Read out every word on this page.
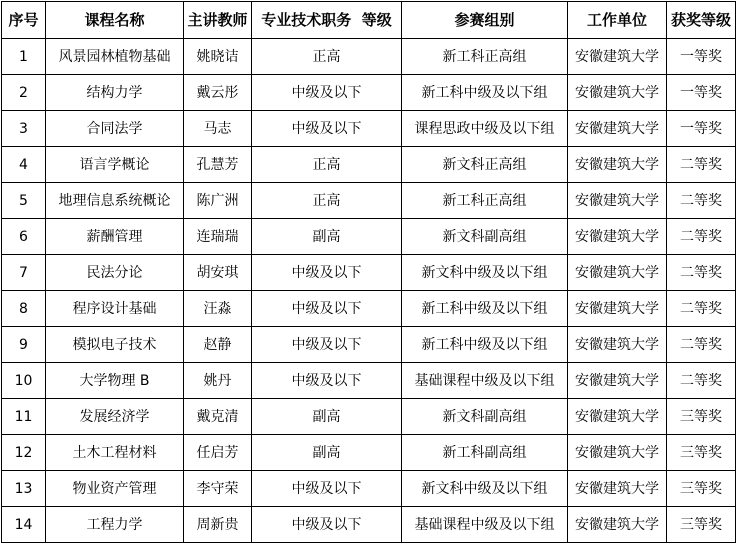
序号	课程名称	主讲教师	专业技术职务  等级	参赛组别	工作单位	获奖等级
1	风景园林植物基础	姚晓诘	正高	新工科正高组	安徽建筑大学	一等奖
2	结构力学	戴云彤	中级及以下	新工科中级及以下组	安徽建筑大学	一等奖
3	合同法学	马志	中级及以下	课程思政中级及以下组	安徽建筑大学	一等奖
4	语言学概论	孔慧芳	正高	新文科正高组	安徽建筑大学	二等奖
5	地理信息系统概论	陈广洲	正高	新工科正高组	安徽建筑大学	二等奖
6	薪酬管理	连瑞瑞	副高	新文科副高组	安徽建筑大学	二等奖
7	民法分论	胡安琪	中级及以下	新文科中级及以下组	安徽建筑大学	二等奖
8	程序设计基础	汪淼	中级及以下	新工科中级及以下组	安徽建筑大学	二等奖
9	模拟电子技术	赵静	中级及以下	新工科中级及以下组	安徽建筑大学	二等奖
10	大学物理 B	姚丹	中级及以下	基础课程中级及以下组	安徽建筑大学	二等奖
11	发展经济学	戴克清	副高	新文科副高组	安徽建筑大学	三等奖
12	土木工程材料	任启芳	副高	新工科副高组	安徽建筑大学	三等奖
13	物业资产管理	李守荣	中级及以下	新文科中级及以下组	安徽建筑大学	三等奖
14	工程力学	周新贵	中级及以下	基础课程中级及以下组	安徽建筑大学	三等奖
